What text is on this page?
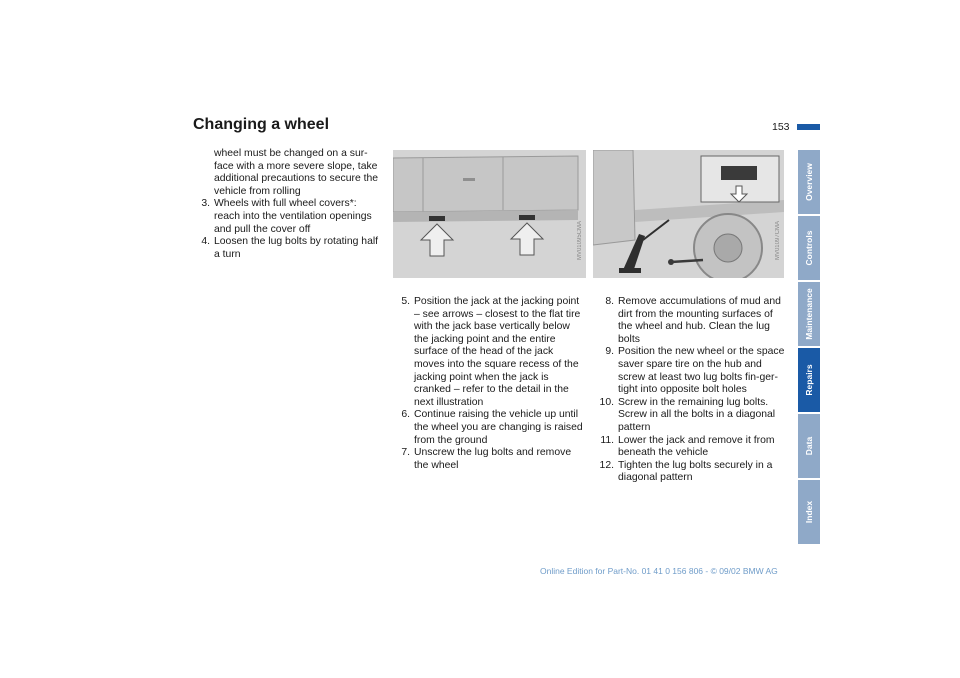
Changing a wheel	153
Overview
Controls
Maintenance
Repairs
Data
Index
wheel must be changed on a sur-face with a more severe slope, take additional precautions to secure the vehicle from rolling
3. Wheels with full wheel covers*: reach into the ventilation openings and pull the cover off
4. Loosen the lug bolts by rotating half a turn	MV01095CMA	MV01097CMA
5. Position the jack at the jacking point – see arrows – closest to the flat tire with the jack base vertically below the jacking point and the entire surface of the head of the jack moves into the square recess of the jacking point when the jack is cranked – refer to the detail in the next illustration
6. Continue raising the vehicle up until the wheel you are changing is raised from the ground
7. Unscrew the lug bolts and remove the wheel
8. Remove accumulations of mud and dirt from the mounting surfaces of the wheel and hub. Clean the lug bolts
9. Position the new wheel or the space saver spare tire on the hub and screw at least two lug bolts fin-ger-tight into opposite bolt holes
10. Screw in the remaining lug bolts. Screw in all the bolts in a diagonal pattern
11. Lower the jack and remove it from beneath the vehicle
12. Tighten the lug bolts securely in a diagonal pattern
Online Edition for Part-No. 01 41 0 156 806 - © 09/02 BMW AG
